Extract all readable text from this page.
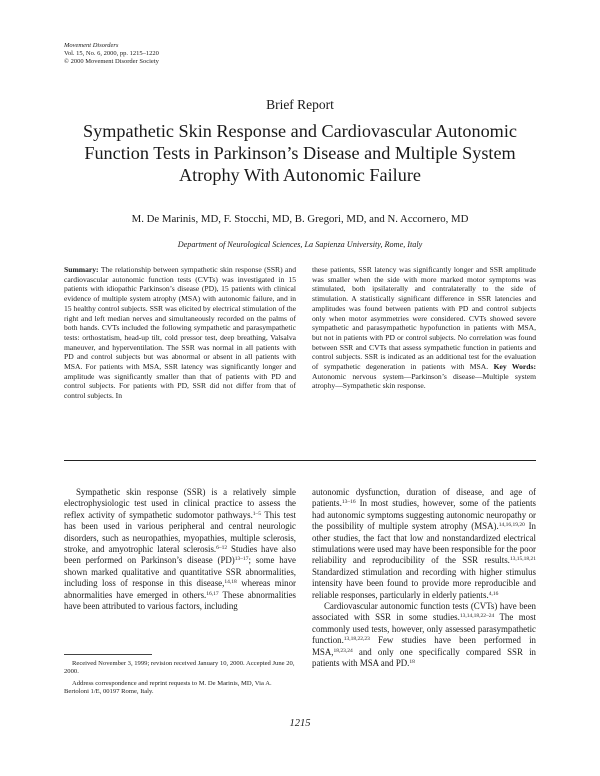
Movement Disorders
Vol. 15, No. 6, 2000, pp. 1215–1220
© 2000 Movement Disorder Society
Brief Report
Sympathetic Skin Response and Cardiovascular Autonomic Function Tests in Parkinson’s Disease and Multiple System Atrophy With Autonomic Failure
M. De Marinis, MD, F. Stocchi, MD, B. Gregori, MD, and N. Accornero, MD
Department of Neurological Sciences, La Sapienza University, Rome, Italy

Summary: The relationship between sympathetic skin response (SSR) and cardiovascular autonomic function tests (CVTs) was investigated in 15 patients with idiopathic Parkinson’s disease (PD), 15 patients with clinical evidence of multiple system atrophy (MSA) with autonomic failure, and in 15 healthy control subjects. SSR was elicited by electrical stimulation of the right and left median nerves and simultaneously recorded on the palms of both hands. CVTs included the following sympathetic and parasympathetic tests: orthostatism, head-up tilt, cold pressor test, deep breathing, Valsalva maneuver, and hyperventilation. The SSR was normal in all patients with PD and control subjects but was abnormal or absent in all patients with MSA. For patients with MSA, SSR latency was significantly longer and amplitude was significantly smaller than that of patients with PD and control subjects. For patients with PD, SSR did not differ from that of control subjects. In

these patients, SSR latency was significantly longer and SSR amplitude was smaller when the side with more marked motor symptoms was stimulated, both ipsilaterally and contralaterally to the side of stimulation. A statistically significant difference in SSR latencies and amplitudes was found between patients with PD and control subjects only when motor asymmetries were considered. CVTs showed severe sympathetic and parasympathetic hypofunction in patients with MSA, but not in patients with PD or control subjects. No correlation was found between SSR and CVTs that assess sympathetic function in patients and control subjects. SSR is indicated as an additional test for the evaluation of sympathetic degeneration in patients with MSA. Key Words: Autonomic nervous system—Parkinson’s disease—Multiple system atrophy—Sympathetic skin response.

Sympathetic skin response (SSR) is a relatively simple electrophysiologic test used in clinical practice to assess the reflex activity of sympathetic sudomotor pathways.$^{1-5}$ This test has been used in various peripheral and central neurologic disorders, such as neuropathies, myopathies, multiple sclerosis, stroke, and amyotrophic lateral sclerosis.$^{6-12}$ Studies have also been performed on Parkinson’s disease (PD)$^{13-17}$; some have shown marked qualitative and quantitative SSR abnormalities, including loss of response in this disease,$^{14,18}$ whereas minor abnormalities have emerged in others.$^{16,17}$ These abnormalities have been attributed to various factors, including

autonomic dysfunction, duration of disease, and age of patients.$^{13-16}$ In most studies, however, some of the patients had autonomic symptoms suggesting autonomic neuropathy or the possibility of multiple system atrophy (MSA).$^{14,16,19,20}$ In other studies, the fact that low and nonstandardized electrical stimulations were used may have been responsible for the poor reliability and reproducibility of the SSR results.$^{13,15,18,21}$ Standardized stimulation and recording with higher stimulus intensity have been found to provide more reproducible and reliable responses, particularly in elderly patients.$^{4,16}$

Cardiovascular autonomic function tests (CVTs) have been associated with SSR in some studies.$^{13,14,18,22-24}$ The most commonly used tests, however, only assessed parasympathetic function.$^{13,18,22,23}$ Few studies have been performed in MSA,$^{18,23,24}$ and only one specifically compared SSR in patients with MSA and PD.$^{18}$

Received November 3, 1999; revision received January 10, 2000. Accepted June 20, 2000.

Address correspondence and reprint requests to M. De Marinis, MD, Via A. Bertoloni 1/E, 00197 Rome, Italy.

1215
